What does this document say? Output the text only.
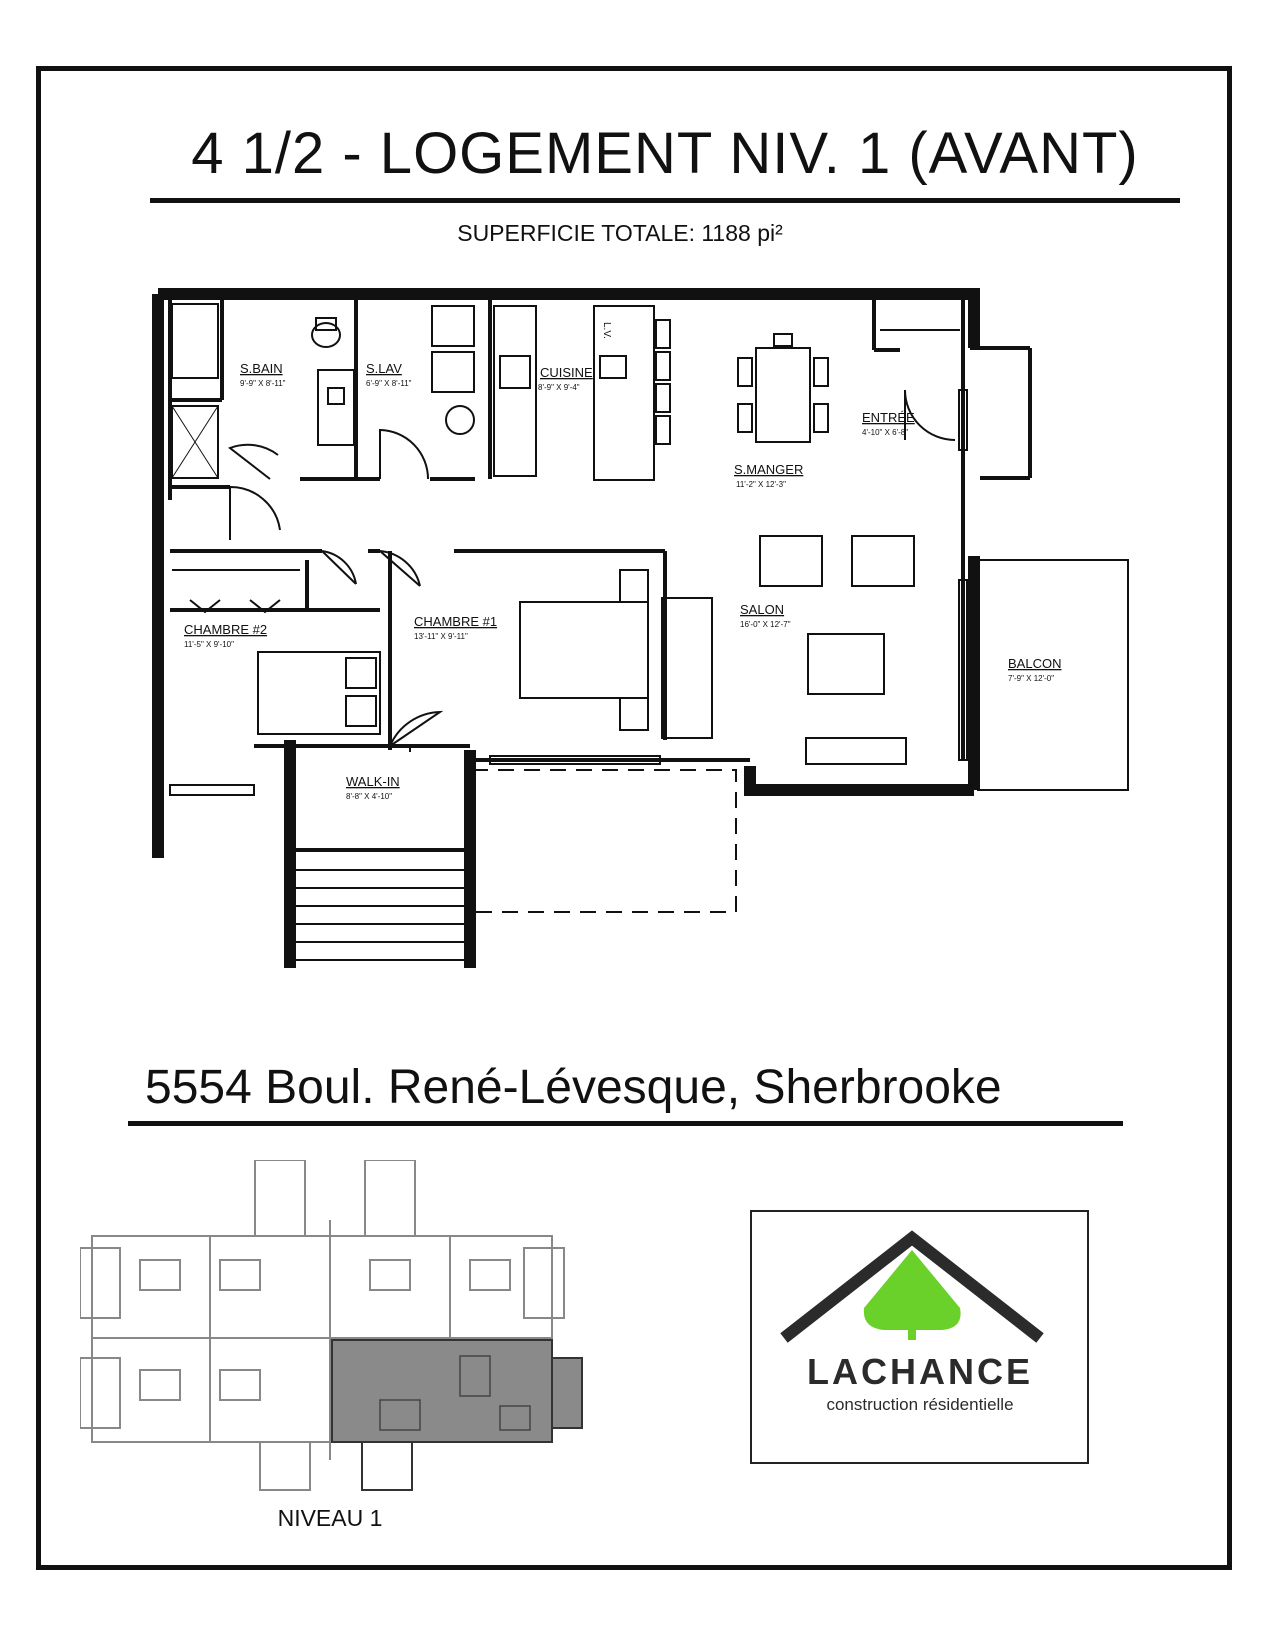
4 1/2 - LOGEMENT NIV. 1 (AVANT)
SUPERFICIE TOTALE: 1188 pi²
S.BAIN
9'-9" X 8'-11"
S.LAV
6'-9" X 8'-11"
CUISINE
8'-9" X 9'-4"
S.MANGER
11'-2" X 12'-3"
ENTRÉE
4'-10" X 6'-8"
SALON
16'-0" X 12'-7"
BALCON
7'-9" X 12'-0"
CHAMBRE #2
11'-5" X 9'-10"
CHAMBRE #1
13'-11" X 9'-11"
WALK-IN
8'-8" X 4'-10"
L.V.
5554 Boul. René-Lévesque, Sherbrooke
NIVEAU 1
LACHANCE
construction résidentielle
